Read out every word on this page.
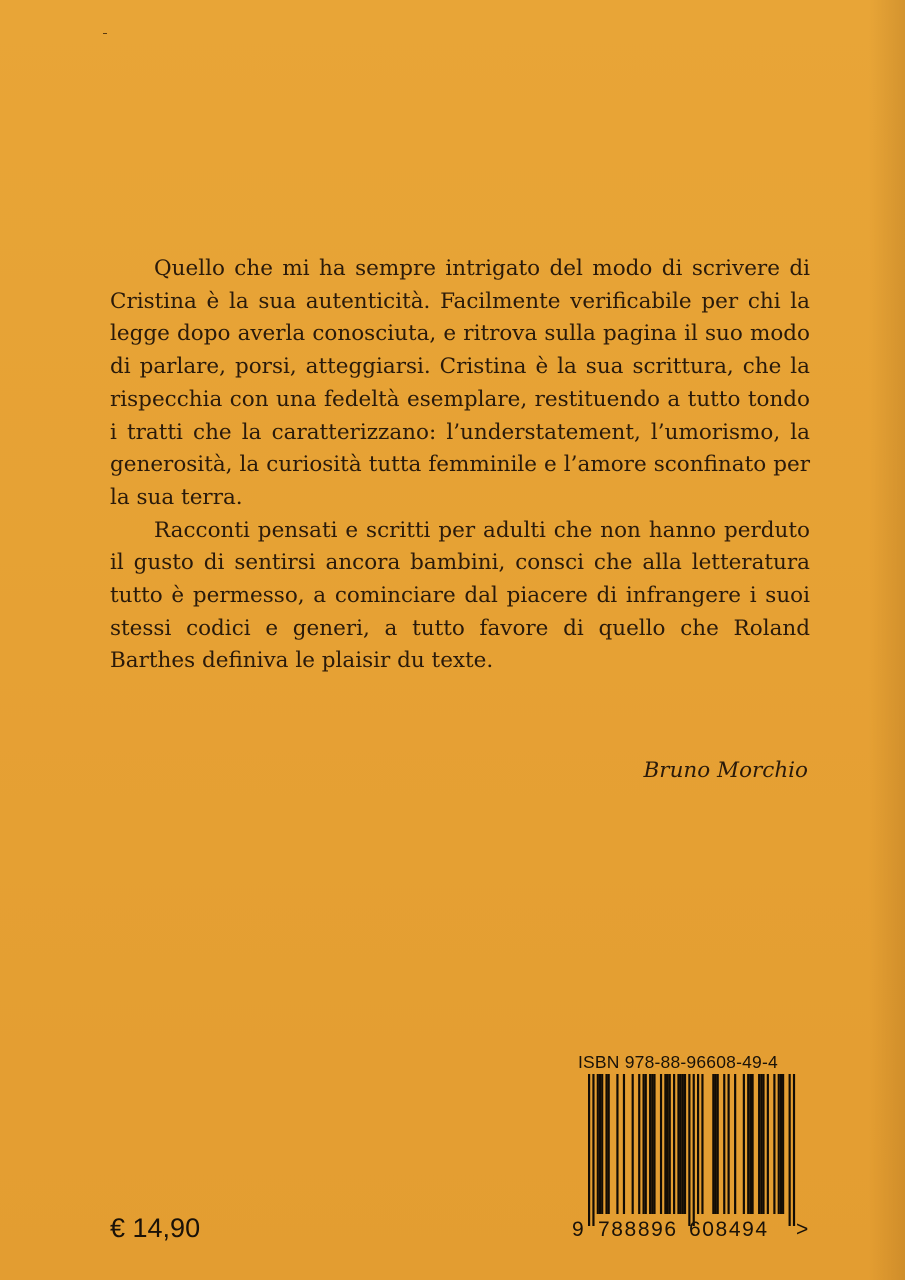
Quello che mi ha sempre intrigato del modo di scrivere di Cristina è la sua autenticità. Facilmente verificabile per chi la legge dopo averla conosciuta, e ritrova sulla pagina il suo modo di parlare, porsi, atteggiarsi. Cristina è la sua scrittura, che la rispecchia con una fedeltà esemplare, restituendo a tutto tondo i tratti che la caratterizzano: l’understatement, l’umorismo, la generosità, la curiosità tutta femminile e l’amore sconfinato per la sua terra.

Racconti pensati e scritti per adulti che non hanno perduto il gusto di sentirsi ancora bambini, consci che alla letteratura tutto è permesso, a cominciare dal piacere di infrangere i suoi stessi codici e generi, a tutto favore di quello che Roland Barthes definiva le plaisir du texte.

Bruno Morchio
€ 14,90
ISBN 978-88-96608-49-4
9 788896 608494 >
